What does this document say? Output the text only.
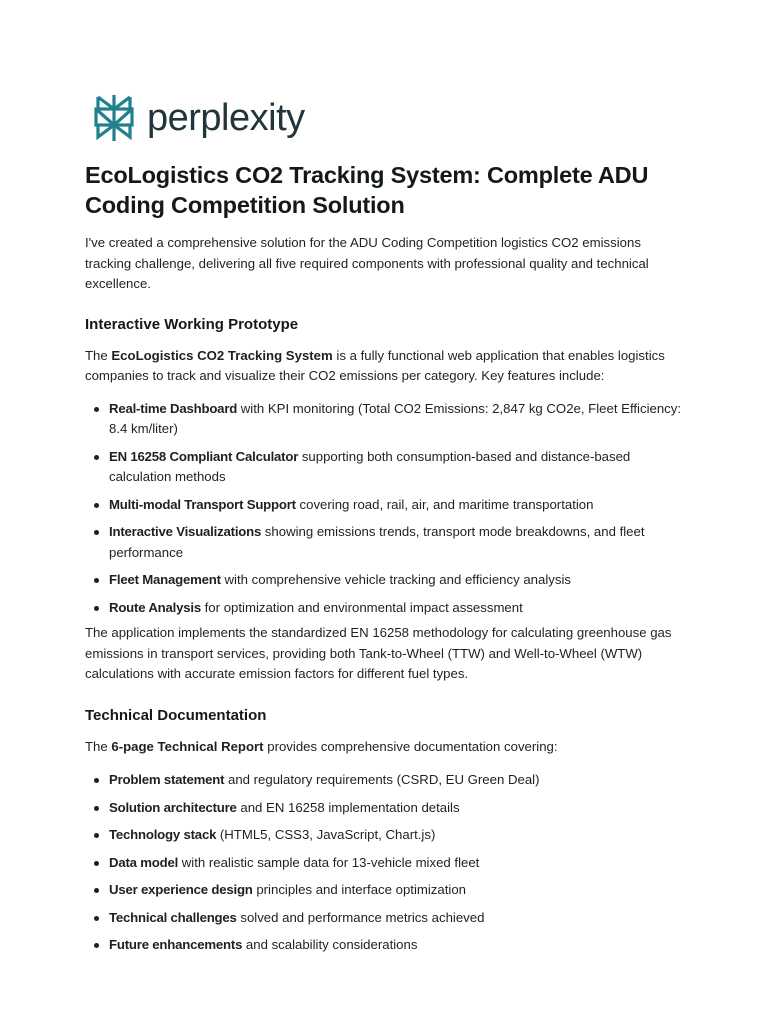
perplexity
EcoLogistics CO2 Tracking System: Complete ADU Coding Competition Solution

I've created a comprehensive solution for the ADU Coding Competition logistics CO2 emissions tracking challenge, delivering all five required components with professional quality and technical excellence.

Interactive Working Prototype

The EcoLogistics CO2 Tracking System is a fully functional web application that enables logistics companies to track and visualize their CO2 emissions per category. Key features include:

Real-time Dashboard with KPI monitoring (Total CO2 Emissions: 2,847 kg CO2e, Fleet Efficiency: 8.4 km/liter)
EN 16258 Compliant Calculator supporting both consumption-based and distance-based calculation methods
Multi-modal Transport Support covering road, rail, air, and maritime transportation
Interactive Visualizations showing emissions trends, transport mode breakdowns, and fleet performance
Fleet Management with comprehensive vehicle tracking and efficiency analysis
Route Analysis for optimization and environmental impact assessment

The application implements the standardized EN 16258 methodology for calculating greenhouse gas emissions in transport services, providing both Tank-to-Wheel (TTW) and Well-to-Wheel (WTW) calculations with accurate emission factors for different fuel types.

Technical Documentation

The 6-page Technical Report provides comprehensive documentation covering:

Problem statement and regulatory requirements (CSRD, EU Green Deal)
Solution architecture and EN 16258 implementation details
Technology stack (HTML5, CSS3, JavaScript, Chart.js)
Data model with realistic sample data for 13-vehicle mixed fleet
User experience design principles and interface optimization
Technical challenges solved and performance metrics achieved
Future enhancements and scalability considerations
